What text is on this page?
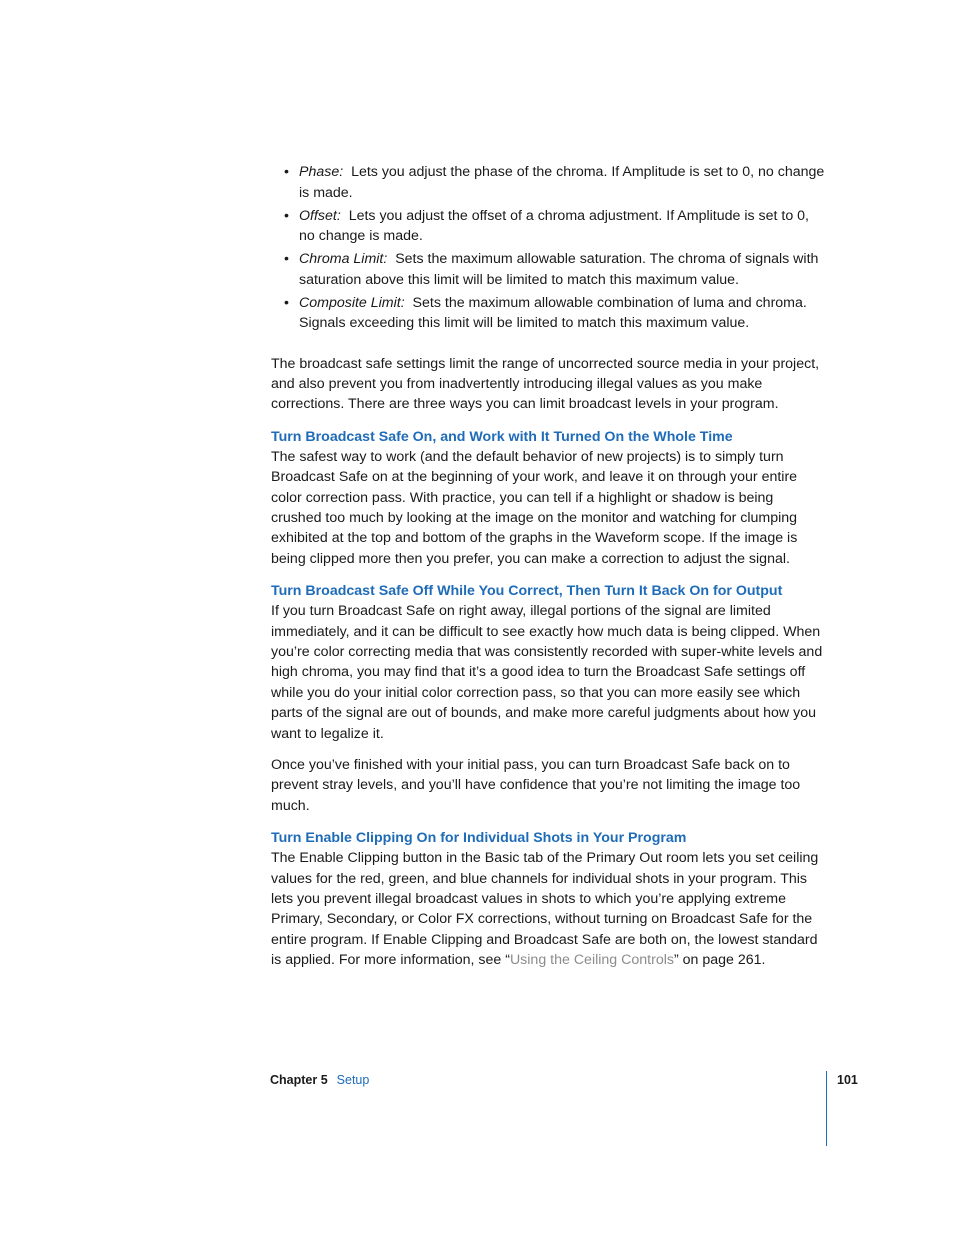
• Phase: Lets you adjust the phase of the chroma. If Amplitude is set to 0, no change is made.
• Offset: Lets you adjust the offset of a chroma adjustment. If Amplitude is set to 0, no change is made.
• Chroma Limit: Sets the maximum allowable saturation. The chroma of signals with saturation above this limit will be limited to match this maximum value.
• Composite Limit: Sets the maximum allowable combination of luma and chroma. Signals exceeding this limit will be limited to match this maximum value.

The broadcast safe settings limit the range of uncorrected source media in your project, and also prevent you from inadvertently introducing illegal values as you make corrections. There are three ways you can limit broadcast levels in your program.

Turn Broadcast Safe On, and Work with It Turned On the Whole Time

The safest way to work (and the default behavior of new projects) is to simply turn Broadcast Safe on at the beginning of your work, and leave it on through your entire color correction pass. With practice, you can tell if a highlight or shadow is being crushed too much by looking at the image on the monitor and watching for clumping exhibited at the top and bottom of the graphs in the Waveform scope. If the image is being clipped more then you prefer, you can make a correction to adjust the signal.

Turn Broadcast Safe Off While You Correct, Then Turn It Back On for Output

If you turn Broadcast Safe on right away, illegal portions of the signal are limited immediately, and it can be difficult to see exactly how much data is being clipped. When you’re color correcting media that was consistently recorded with super-white levels and high chroma, you may find that it’s a good idea to turn the Broadcast Safe settings off while you do your initial color correction pass, so that you can more easily see which parts of the signal are out of bounds, and make more careful judgments about how you want to legalize it.

Once you’ve finished with your initial pass, you can turn Broadcast Safe back on to prevent stray levels, and you’ll have confidence that you’re not limiting the image too much.

Turn Enable Clipping On for Individual Shots in Your Program

The Enable Clipping button in the Basic tab of the Primary Out room lets you set ceiling values for the red, green, and blue channels for individual shots in your program. This lets you prevent illegal broadcast values in shots to which you’re applying extreme Primary, Secondary, or Color FX corrections, without turning on Broadcast Safe for the entire program. If Enable Clipping and Broadcast Safe are both on, the lowest standard is applied. For more information, see “Using the Ceiling Controls” on page 261.

Chapter 5 Setup	101
